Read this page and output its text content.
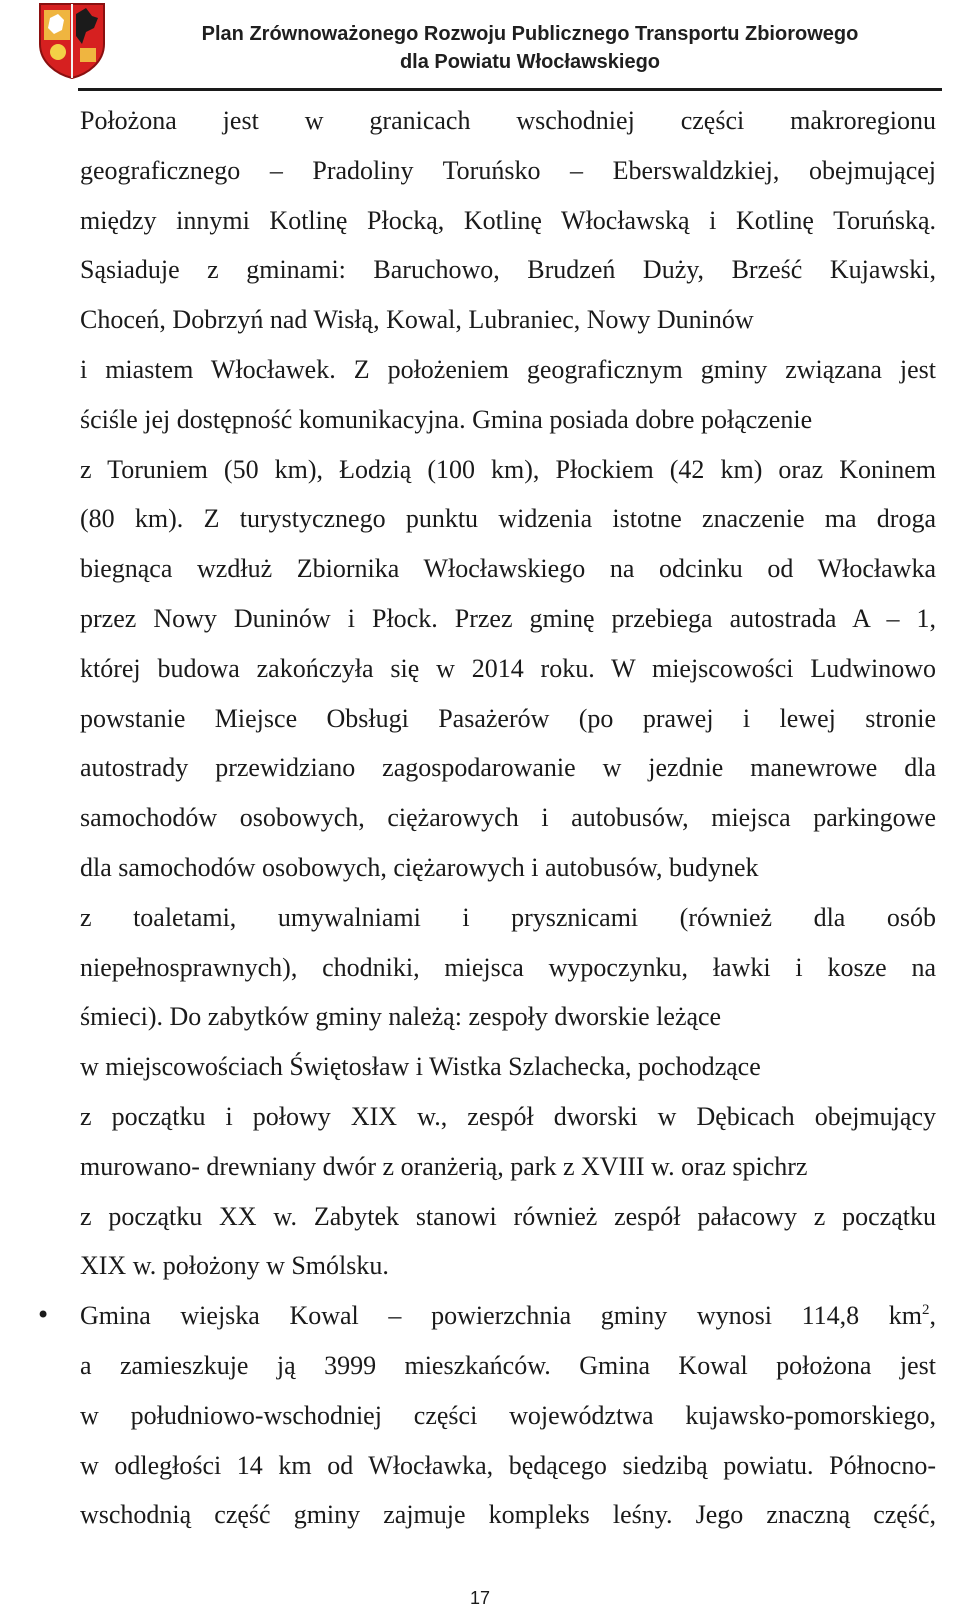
Plan Zrównoważonego Rozwoju Publicznego Transportu Zbiorowego
dla Powiatu Włocławskiego
Położona jest w granicach wschodniej części makroregionu
geograficznego – Pradoliny Toruńsko – Eberswaldzkiej, obejmującej
między innymi Kotlinę Płocką, Kotlinę Włocławską i Kotlinę Toruńską.
Sąsiaduje z gminami: Baruchowo, Brudzeń Duży, Brześć Kujawski,
Choceń, Dobrzyń nad Wisłą, Kowal, Lubraniec, Nowy Duninów
i miastem Włocławek. Z położeniem geograficznym gminy związana jest
ściśle jej dostępność komunikacyjna. Gmina posiada dobre połączenie
z Toruniem (50 km), Łodzią (100 km), Płockiem (42 km) oraz Koninem
(80 km). Z turystycznego punktu widzenia istotne znaczenie ma droga
biegnąca wzdłuż Zbiornika Włocławskiego na odcinku od Włocławka
przez Nowy Duninów i Płock. Przez gminę przebiega autostrada A – 1,
której budowa zakończyła się w 2014 roku. W miejscowości Ludwinowo
powstanie Miejsce Obsługi Pasażerów (po prawej i lewej stronie
autostrady przewidziano zagospodarowanie w jezdnie manewrowe dla
samochodów osobowych, ciężarowych i autobusów, miejsca parkingowe
dla samochodów osobowych, ciężarowych i autobusów, budynek
z toaletami, umywalniami i prysznicami (również dla osób
niepełnosprawnych), chodniki, miejsca wypoczynku, ławki i kosze na
śmieci). Do zabytków gminy należą: zespoły dworskie leżące
w miejscowościach Świętosław i Wistka Szlachecka, pochodzące
z początku i połowy XIX w., zespół dworski w Dębicach obejmujący
murowano- drewniany dwór z oranżerią, park z XVIII w. oraz spichrz
z początku XX w. Zabytek stanowi również zespół pałacowy z początku
XIX w. położony w Smólsku.
• Gmina wiejska Kowal – powierzchnia gminy wynosi 114,8 $km^2$,
a zamieszkuje ją 3999 mieszkańców. Gmina Kowal położona jest
w południowo-wschodniej części województwa kujawsko-pomorskiego,
w odległości 14 km od Włocławka, będącego siedzibą powiatu. Północno-
wschodnią część gminy zajmuje kompleks leśny. Jego znaczną część,
17
